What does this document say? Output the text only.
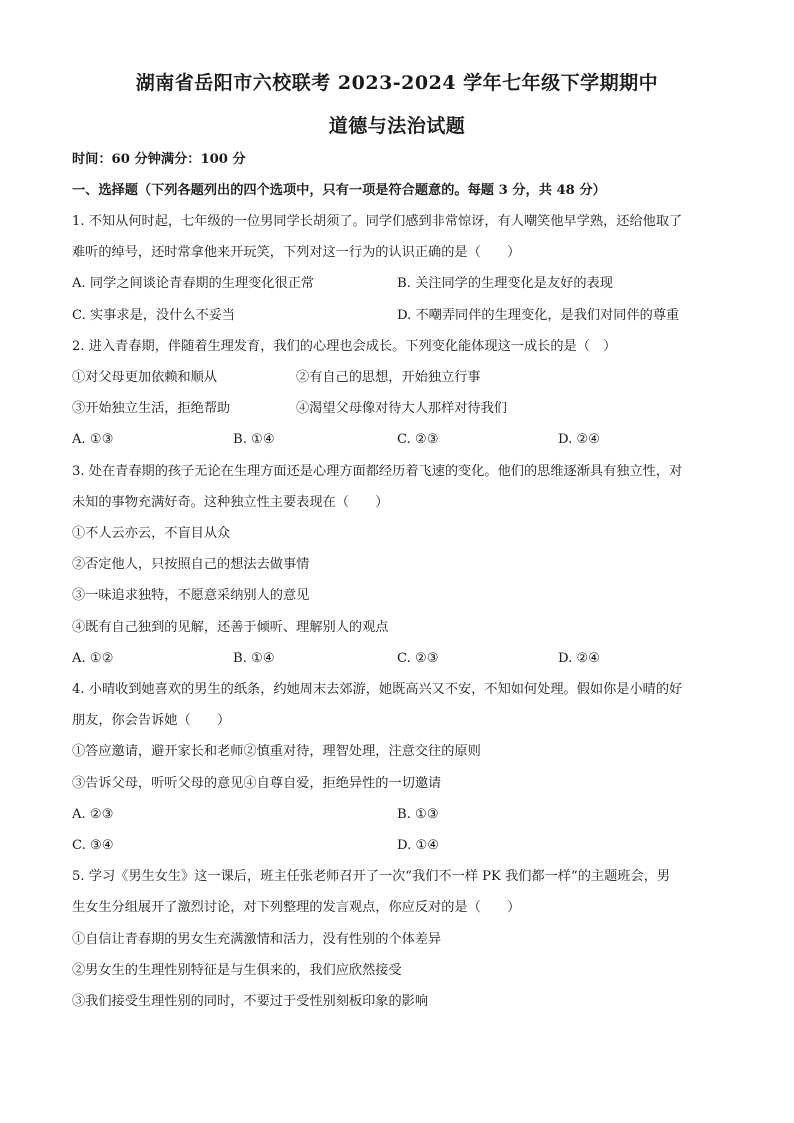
湖南省岳阳市六校联考 2023-2024 学年七年级下学期期中
道德与法治试题
时间：60 分钟满分：100 分
一、选择题（下列各题列出的四个选项中，只有一项是符合题意的。每题 3 分，共 48 分）
1. 不知从何时起，七年级的一位男同学长胡须了。同学们感到非常惊讶，有人嘲笑他早学熟，还给他取了
难听的绰号，还时常拿他来开玩笑，下列对这一行为的认识正确的是（　　）
A. 同学之间谈论青春期的生理变化很正常	B. 关注同学的生理变化是友好的表现
C. 实事求是，没什么不妥当	D. 不嘲弄同伴的生理变化，是我们对同伴的尊重
2. 进入青春期，伴随着生理发育，我们的心理也会成长。下列变化能体现这一成长的是（　）
①对父母更加依赖和顺从	②有自己的思想，开始独立行事
③开始独立生活，拒绝帮助	④渴望父母像对待大人那样对待我们
A. ①③	B. ①④	C. ②③	D. ②④
3. 处在青春期的孩子无论在生理方面还是心理方面都经历着飞速的变化。他们的思维逐渐具有独立性，对
未知的事物充满好奇。这种独立性主要表现在（　　）
①不人云亦云，不盲目从众
②否定他人，只按照自己的想法去做事情
③一味追求独特，不愿意采纳别人的意见
④既有自己独到的见解，还善于倾听、理解别人的观点
A. ①②	B. ①④	C. ②③	D. ②④
4. 小晴收到她喜欢的男生的纸条，约她周末去郊游，她既高兴又不安，不知如何处理。假如你是小晴的好
朋友，你会告诉她（　　）
①答应邀请，避开家长和老师②慎重对待，理智处理，注意交往的原则
③告诉父母，听听父母的意见④自尊自爱，拒绝异性的一切邀请
A. ②③	B. ①③
C. ③④	D. ①④
5. 学习《男生女生》这一课后，班主任张老师召开了一次“我们不一样 PK 我们都一样”的主题班会，男
生女生分组展开了激烈讨论，对下列整理的发言观点，你应反对的是（　　）
①自信让青春期的男女生充满激情和活力，没有性别的个体差异
②男女生的生理性别特征是与生俱来的，我们应欣然接受
③我们接受生理性别的同时，不要过于受性别刻板印象的影响
